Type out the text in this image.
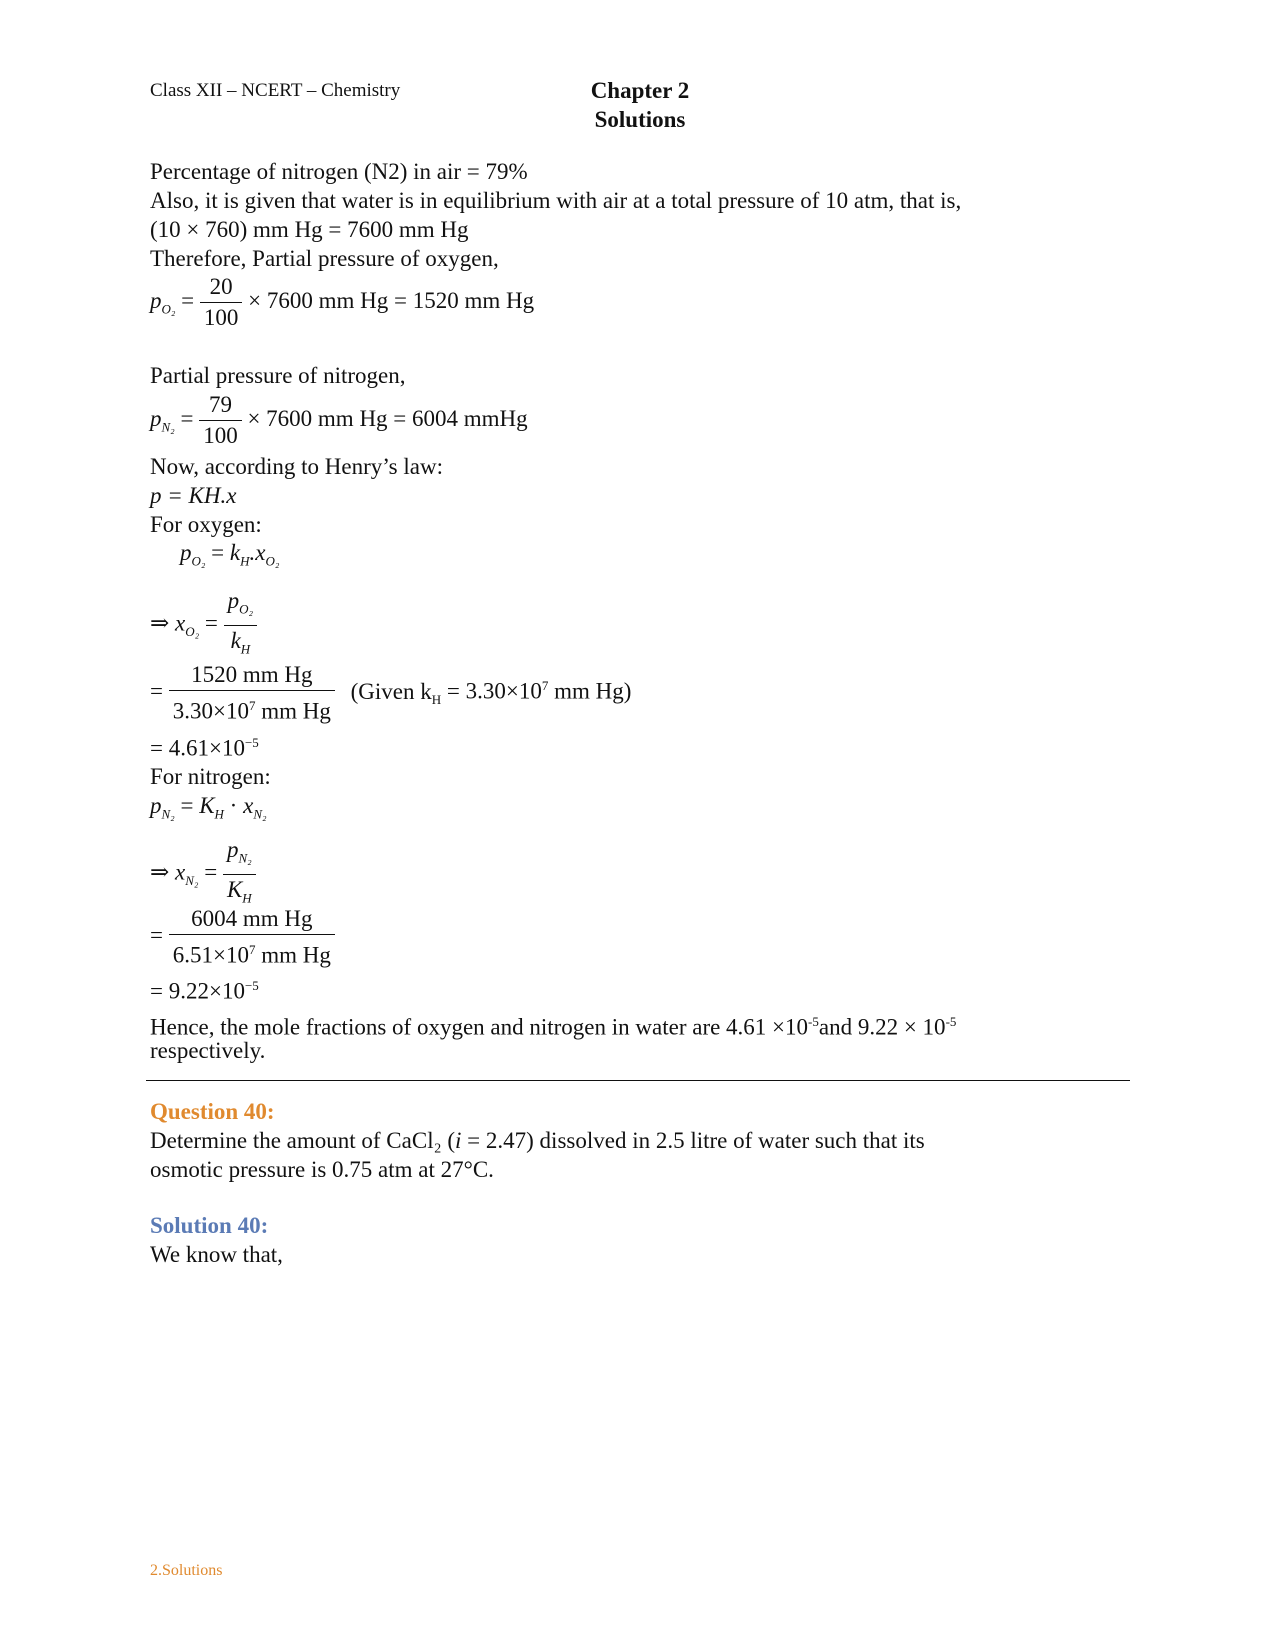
Class XII – NCERT – Chemistry	Chapter 2
Solutions
Percentage of nitrogen (N2) in air = 79%
Also, it is given that water is in equilibrium with air at a total pressure of 10 atm, that is,
(10 × 760) mm Hg = 7600 mm Hg
Therefore, Partial pressure of oxygen,
$p_{O_2} = \frac{20}{100} \times 7600$ mm Hg = 1520 mm Hg
Partial pressure of nitrogen,
$p_{N_2} = \frac{79}{100} \times 7600$ mm Hg = 6004 mmHg
Now, according to Henry’s law:
p = KH.x
For oxygen:
$p_{O_2} = k_H.x_{O_2}$
⇒ $x_{O_2} = \frac{p_{O_2}}{k_H}$
= $\frac{\text{1520 mm Hg}}{3.30\times 10^7 mm Hg}$ (Given $k_H = 3.30\times 10^7$ mm Hg)
= $4.61\times 10^{-5}$
For nitrogen:
$p_{N_2} = K_H \cdot x_{N_2}$
⇒ $x_{N_2} = \frac{p_{N_2}}{K_H}$
= $\frac{\text{6004 mm Hg}}{6.51\times 10^7 mm Hg}$
= $9.22\times 10^{-5}$
Hence, the mole fractions of oxygen and nitrogen in water are $4.61 \times 10^{-5}and$ $9.22 \times 10^{-5}$
respectively.
Question 40:
Determine the amount of CaCl₂ (i = 2.47) dissolved in 2.5 litre of water such that its
osmotic pressure is 0.75 atm at 27°C.
Solution 40:
We know that,
2.Solutions
